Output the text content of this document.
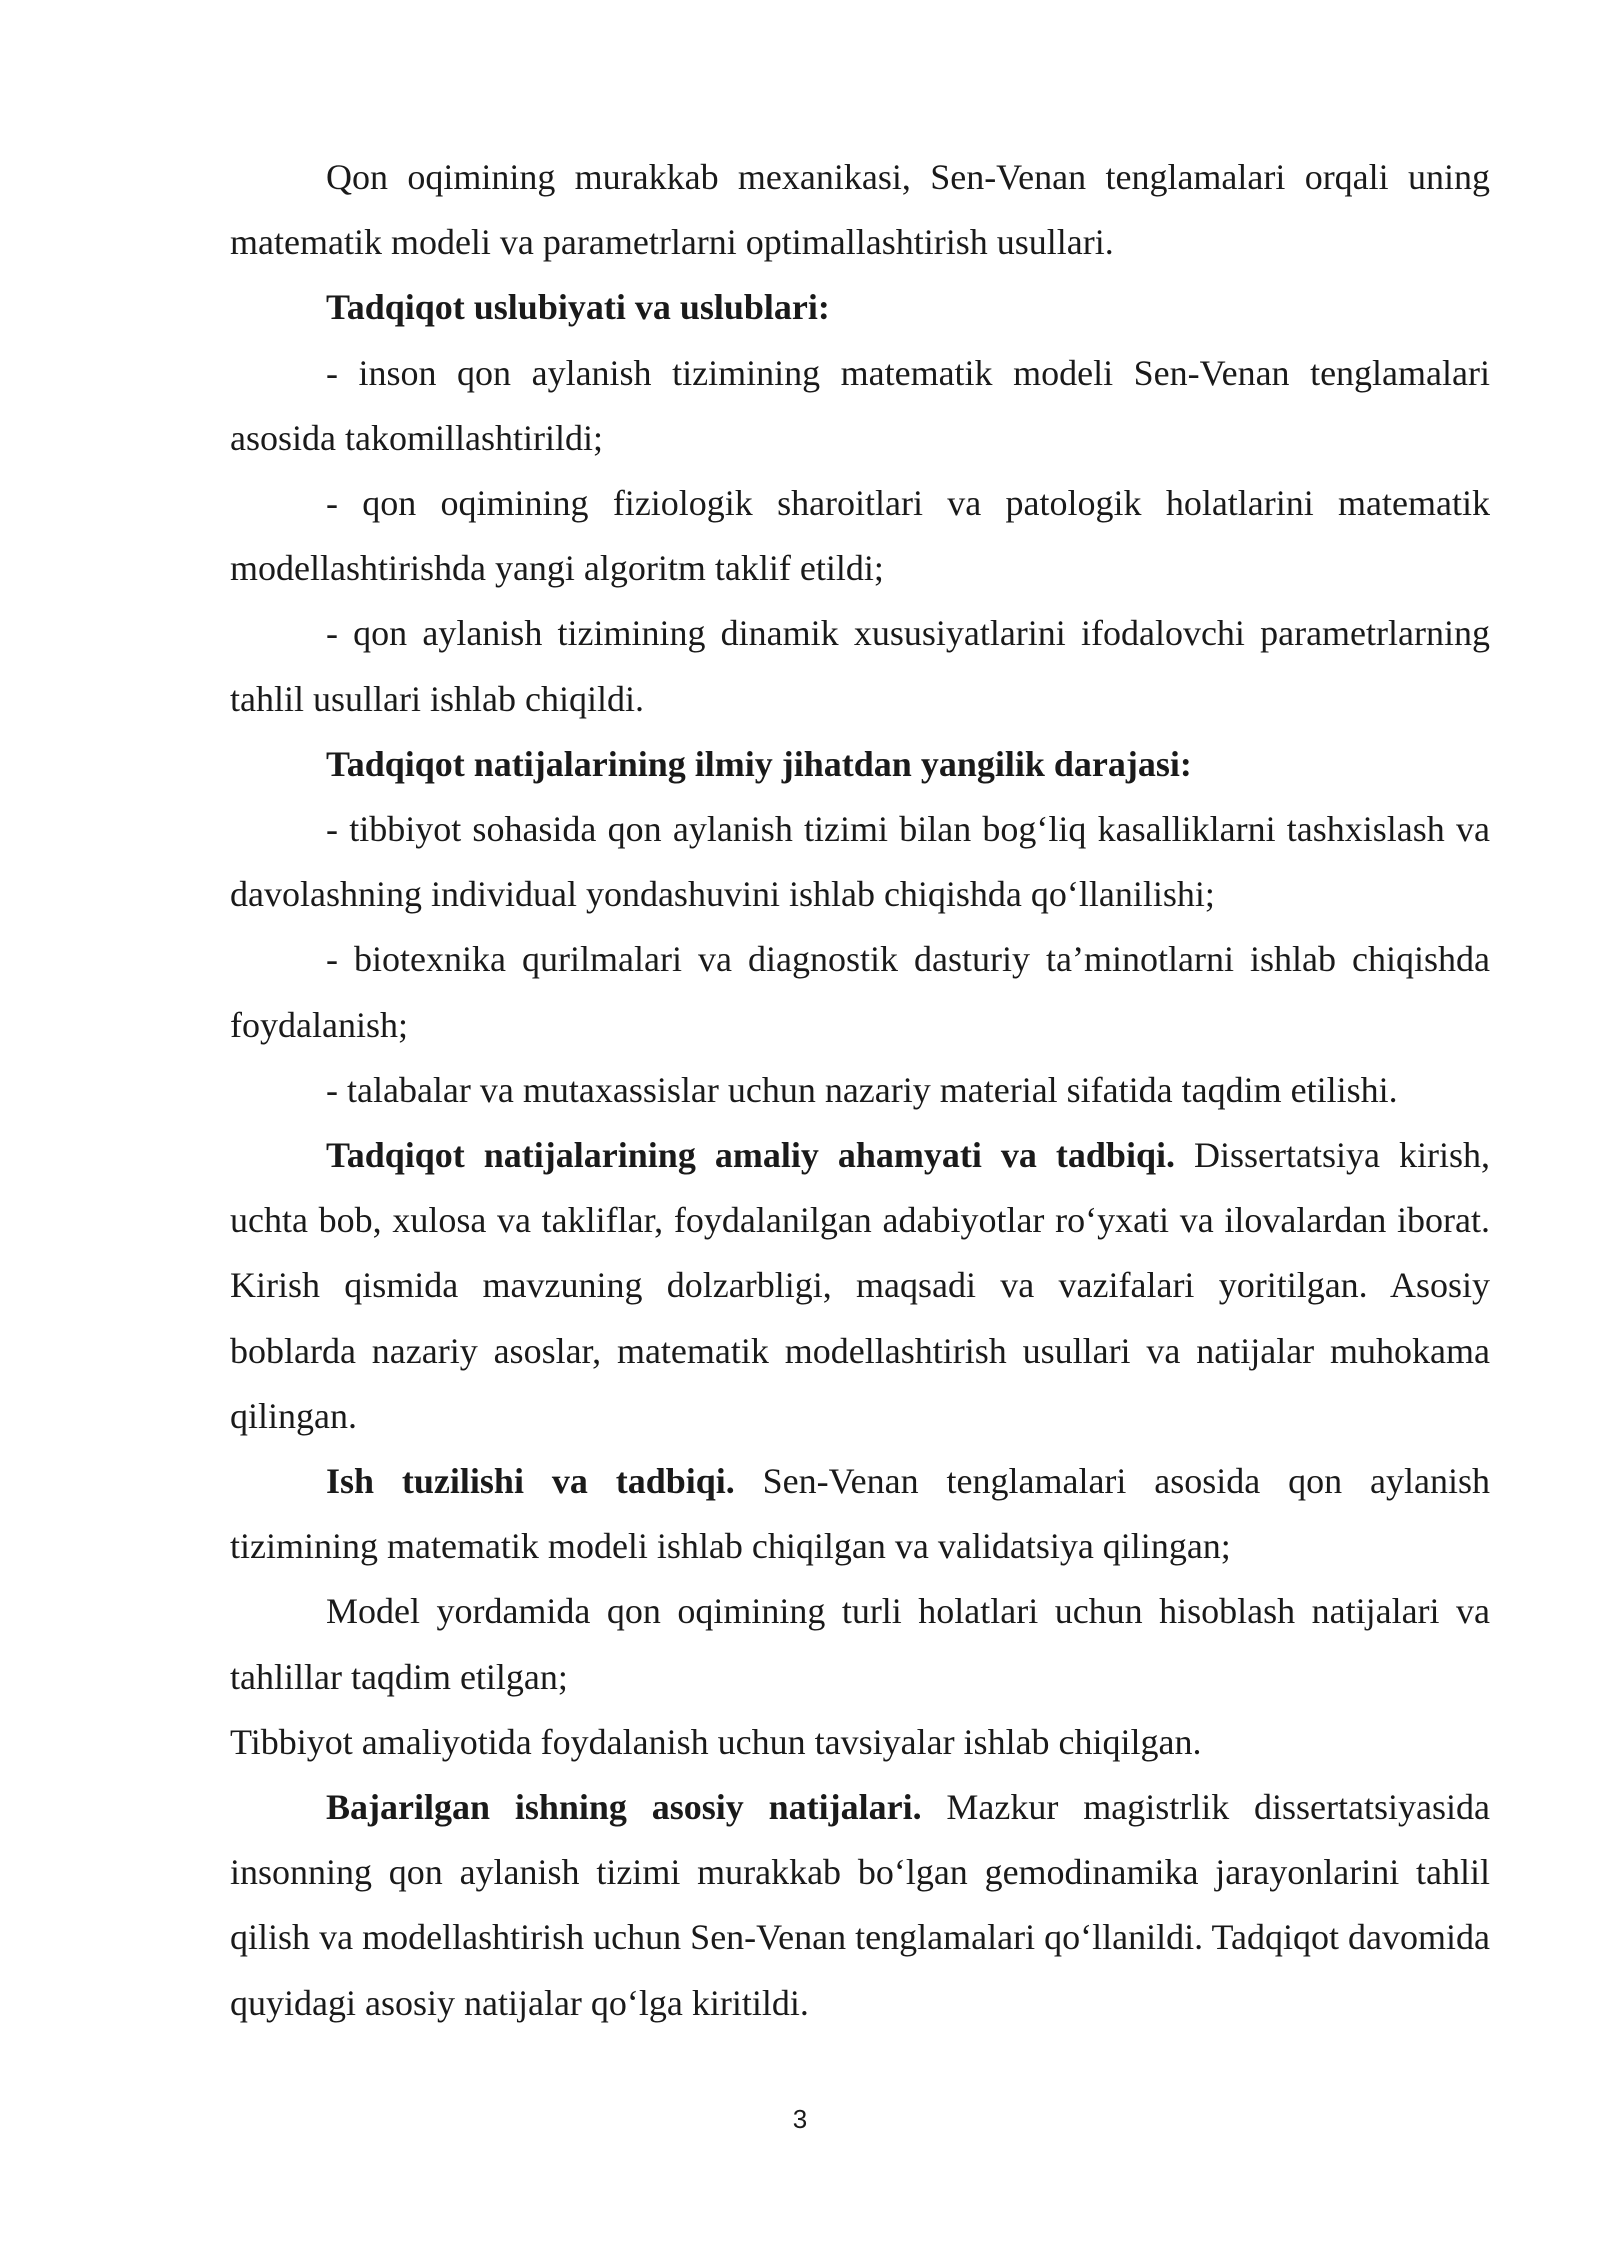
Qon oqimining murakkab mexanikasi, Sen-Venan tenglamalari orqali uning matematik modeli va parametrlarni optimallashtirish usullari.

Tadqiqot uslubiyati va uslublari:

- inson qon aylanish tizimining matematik modeli Sen-Venan tenglamalari asosida takomillashtirildi;

- qon oqimining fiziologik sharoitlari va patologik holatlarini matematik modellashtirishda yangi algoritm taklif etildi;

- qon aylanish tizimining dinamik xususiyatlarini ifodalovchi parametrlarning tahlil usullari ishlab chiqildi.

Tadqiqot natijalarining ilmiy jihatdan yangilik darajasi:

- tibbiyot sohasida qon aylanish tizimi bilan bog‘liq kasalliklarni tashxislash va davolashning individual yondashuvini ishlab chiqishda qo‘llanilishi;

- biotexnika qurilmalari va diagnostik dasturiy ta’minotlarni ishlab chiqishda foydalanish;

- talabalar va mutaxassislar uchun nazariy material sifatida taqdim etilishi.

Tadqiqot natijalarining amaliy ahamyati va tadbiqi. Dissertatsiya kirish, uchta bob, xulosa va takliflar, foydalanilgan adabiyotlar ro‘yxati va ilovalardan iborat. Kirish qismida mavzuning dolzarbligi, maqsadi va vazifalari yoritilgan. Asosiy boblarda nazariy asoslar, matematik modellashtirish usullari va natijalar muhokama qilingan.

Ish tuzilishi va tadbiqi. Sen-Venan tenglamalari asosida qon aylanish tizimining matematik modeli ishlab chiqilgan va validatsiya qilingan;

Model yordamida qon oqimining turli holatlari uchun hisoblash natijalari va tahlillar taqdim etilgan;

Tibbiyot amaliyotida foydalanish uchun tavsiyalar ishlab chiqilgan.

Bajarilgan ishning asosiy natijalari. Mazkur magistrlik dissertatsiyasida insonning qon aylanish tizimi murakkab bo‘lgan gemodinamika jarayonlarini tahlil qilish va modellashtirish uchun Sen-Venan tenglamalari qo‘llanildi. Tadqiqot davomida quyidagi asosiy natijalar qo‘lga kiritildi.

3
